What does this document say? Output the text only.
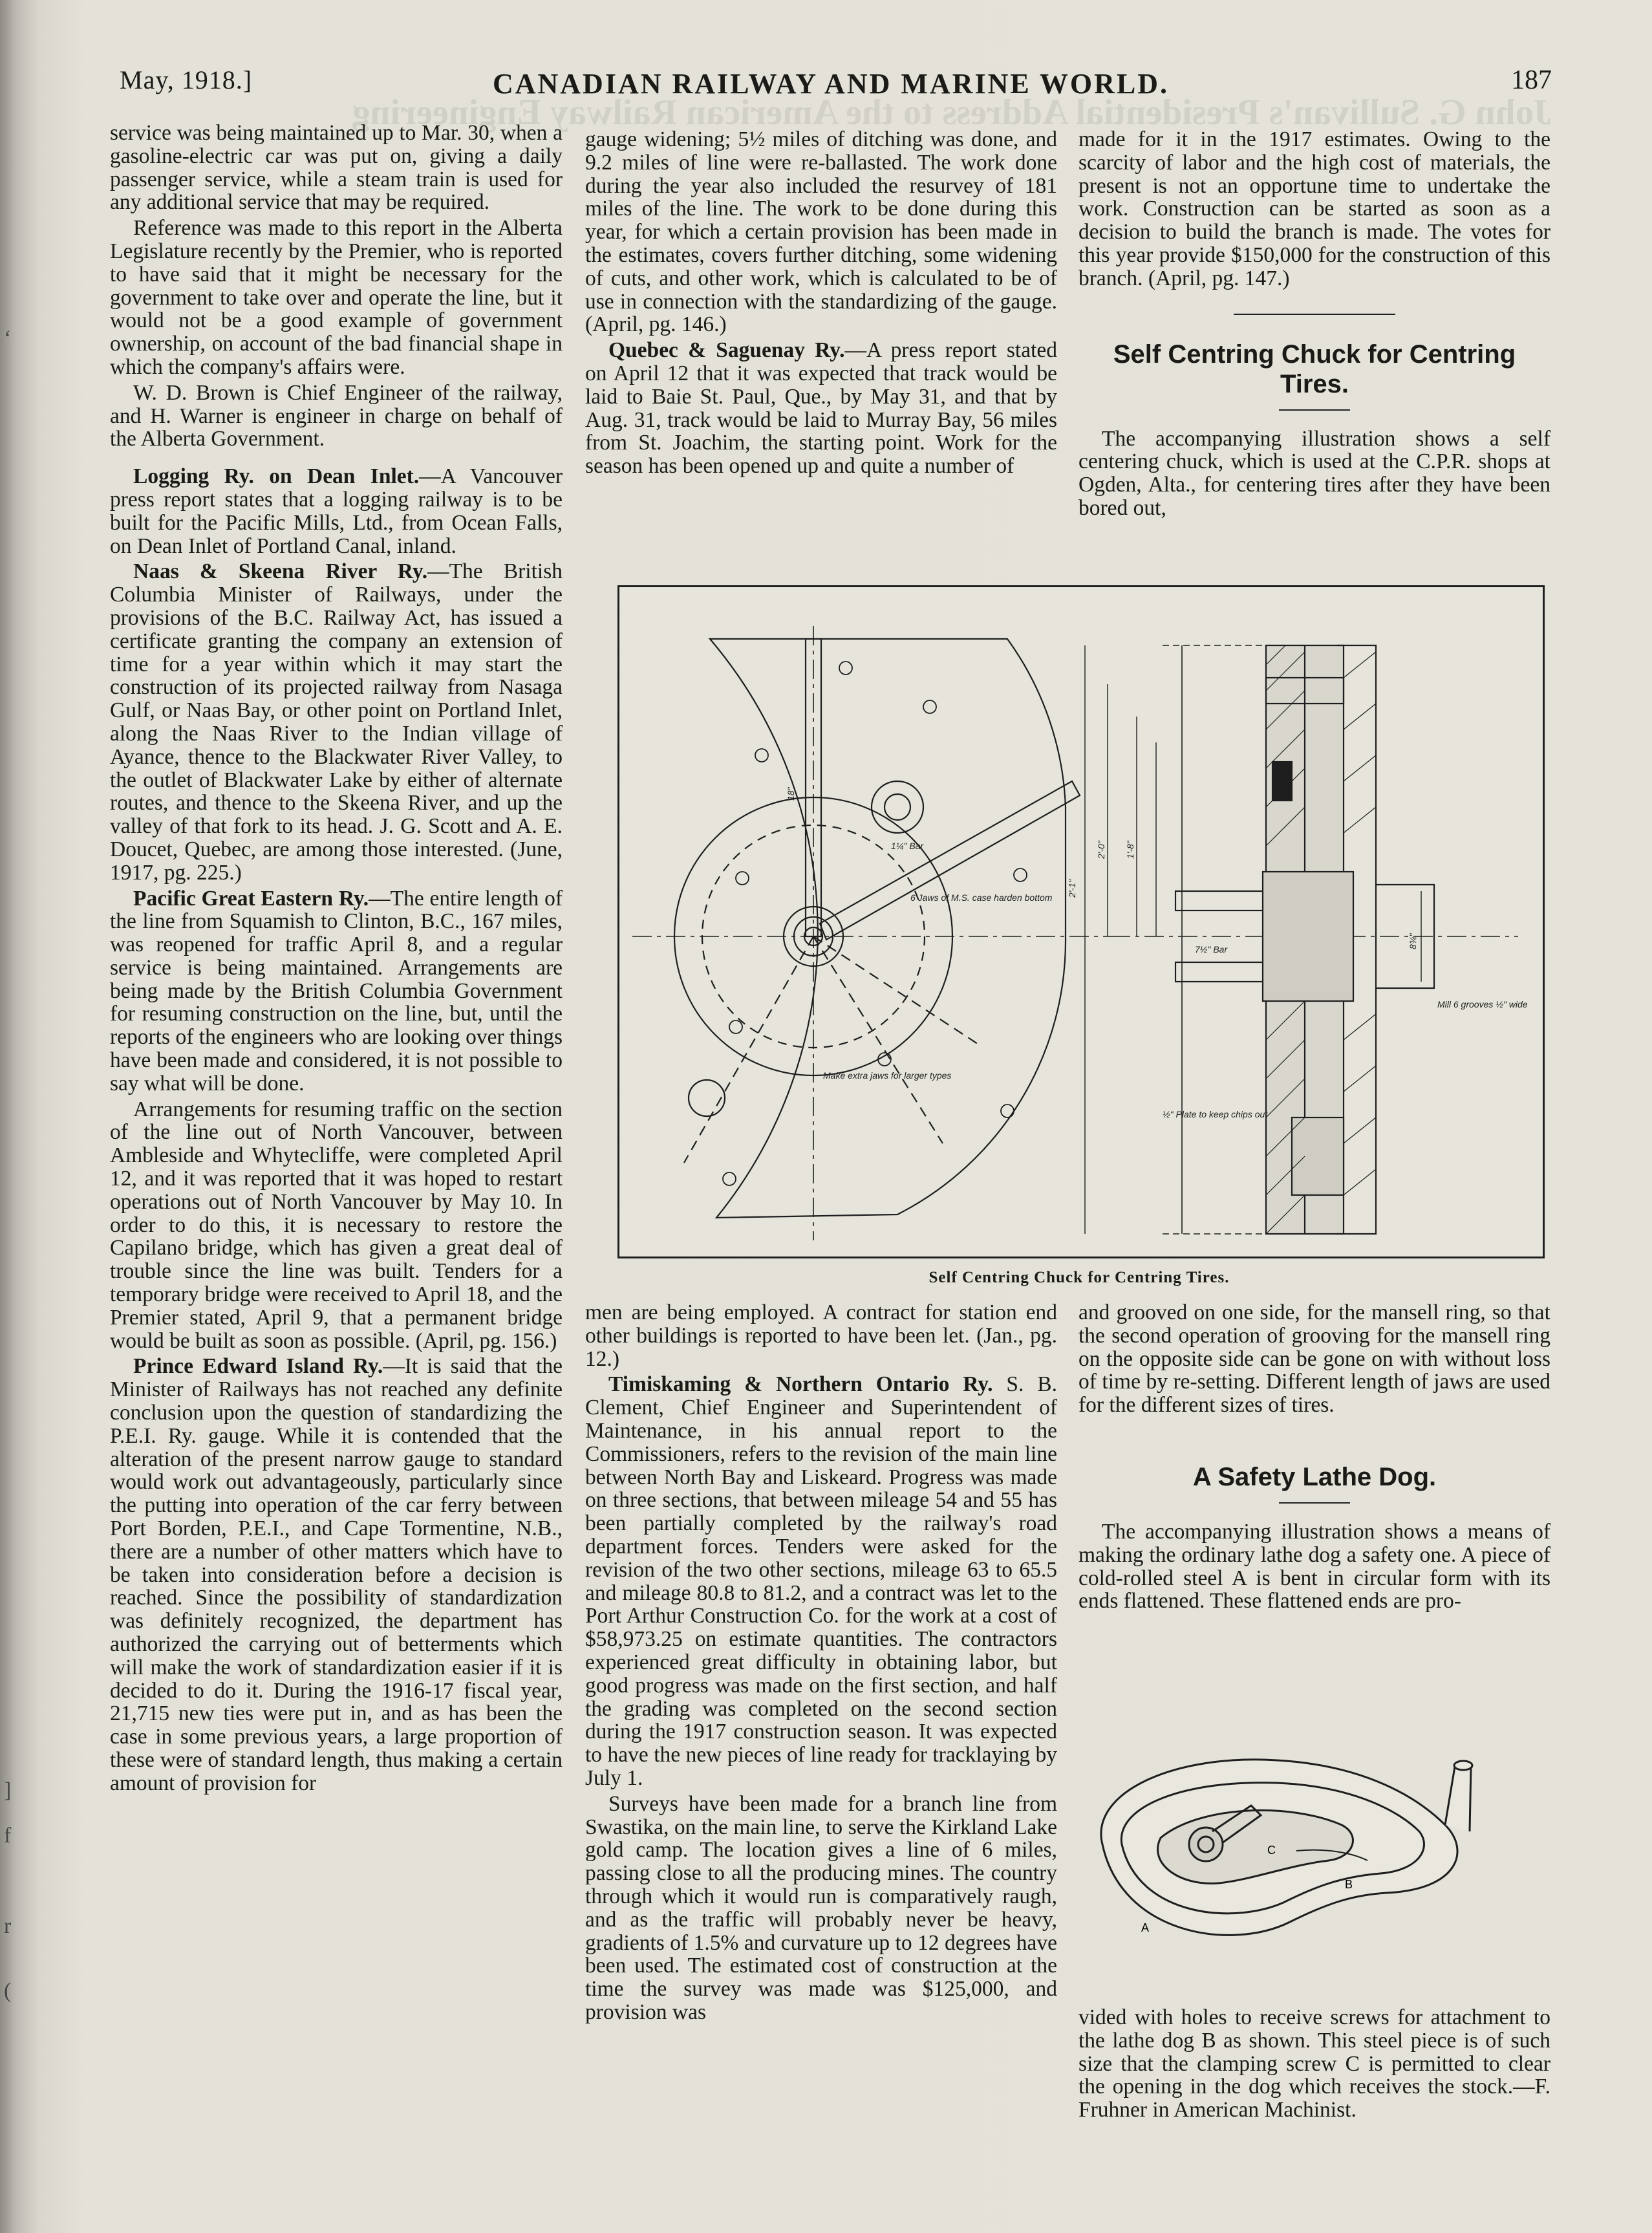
‘
]
f
r
(
John G. Sullivan's Presidential Address to the American Railway Engineering
May, 1918.]	CANADIAN RAILWAY AND MARINE WORLD.	187

service was being maintained up to Mar. 30, when a gasoline-electric car was put on, giving a daily passenger service, while a steam train is used for any additional service that may be required.

Reference was made to this report in the Alberta Legislature recently by the Premier, who is reported to have said that it might be necessary for the government to take over and operate the line, but it would not be a good example of government ownership, on account of the bad financial shape in which the company's affairs were.

W. D. Brown is Chief Engineer of the railway, and H. Warner is engineer in charge on behalf of the Alberta Government.

Logging Ry. on Dean Inlet.—A Vancouver press report states that a logging railway is to be built for the Pacific Mills, Ltd., from Ocean Falls, on Dean Inlet of Portland Canal, inland.

Naas & Skeena River Ry.—The British Columbia Minister of Railways, under the provisions of the B.C. Railway Act, has issued a certificate granting the company an extension of time for a year within which it may start the construction of its projected railway from Nasaga Gulf, or Naas Bay, or other point on Portland Inlet, along the Naas River to the Indian village of Ayance, thence to the Blackwater River Valley, to the outlet of Blackwater Lake by either of alternate routes, and thence to the Skeena River, and up the valley of that fork to its head. J. G. Scott and A. E. Doucet, Quebec, are among those interested. (June, 1917, pg. 225.)

Pacific Great Eastern Ry.—The entire length of the line from Squamish to Clinton, B.C., 167 miles, was reopened for traffic April 8, and a regular service is being maintained. Arrangements are being made by the British Columbia Government for resuming construction on the line, but, until the reports of the engineers who are looking over things have been made and considered, it is not possible to say what will be done.

Arrangements for resuming traffic on the section of the line out of North Vancouver, between Ambleside and Whytecliffe, were completed April 12, and it was reported that it was hoped to restart operations out of North Vancouver by May 10. In order to do this, it is necessary to restore the Capilano bridge, which has given a great deal of trouble since the line was built. Tenders for a temporary bridge were received to April 18, and the Premier stated, April 9, that a permanent bridge would be built as soon as possible. (April, pg. 156.)

Prince Edward Island Ry.—It is said that the Minister of Railways has not reached any definite conclusion upon the question of standardizing the P.E.I. Ry. gauge. While it is contended that the alteration of the present narrow gauge to standard would work out advantageously, particularly since the putting into operation of the car ferry between Port Borden, P.E.I., and Cape Tormentine, N.B., there are a number of other matters which have to be taken into consideration before a decision is reached. Since the possibility of standardization was definitely recognized, the department has authorized the carrying out of betterments which will make the work of standardization easier if it is decided to do it. During the 1916-17 fiscal year, 21,715 new ties were put in, and as has been the case in some previous years, a large proportion of these were of standard length, thus making a certain amount of provision for

gauge widening; 5½ miles of ditching was done, and 9.2 miles of line were re-ballasted. The work done during the year also included the resurvey of 181 miles of the line. The work to be done during this year, for which a certain provision has been made in the estimates, covers further ditching, some widening of cuts, and other work, which is calculated to be of use in connection with the standardizing of the gauge. (April, pg. 146.)

Quebec & Saguenay Ry.—A press report stated on April 12 that it was expected that track would be laid to Baie St. Paul, Que., by May 31, and that by Aug. 31, track would be laid to Murray Bay, 56 miles from St. Joachim, the starting point. Work for the season has been opened up and quite a number of

made for it in the 1917 estimates. Owing to the scarcity of labor and the high cost of materials, the present is not an opportune time to undertake the work. Construction can be started as soon as a decision to build the branch is made. The votes for this year provide $150,000 for the construction of this branch. (April, pg. 147.)

Self Centring Chuck for Centring Tires.

The accompanying illustration shows a self centering chuck, which is used at the C.P.R. shops at Ogden, Alta., for centering tires after they have been bored out,

6 Jaws of M.S. case harden bottom
Make extra jaws for larger types
½" Plate to keep chips out
Mill 6 grooves ½" wide
2'-1"
2'-0" 1'-8"
18"
1¼" Bar
7½" Bar	8¾"
Self Centring Chuck for Centring Tires.

men are being employed. A contract for station end other buildings is reported to have been let. (Jan., pg. 12.)

Timiskaming & Northern Ontario Ry. S. B. Clement, Chief Engineer and Superintendent of Maintenance, in his annual report to the Commissioners, refers to the revision of the main line between North Bay and Liskeard. Progress was made on three sections, that between mileage 54 and 55 has been partially completed by the railway's road department forces. Tenders were asked for the revision of the two other sections, mileage 63 to 65.5 and mileage 80.8 to 81.2, and a contract was let to the Port Arthur Construction Co. for the work at a cost of $58,973.25 on estimate quantities. The contractors experienced great difficulty in obtaining labor, but good progress was made on the first section, and half the grading was completed on the second section during the 1917 construction season. It was expected to have the new pieces of line ready for tracklaying by July 1.

Surveys have been made for a branch line from Swastika, on the main line, to serve the Kirkland Lake gold camp. The location gives a line of 6 miles, passing close to all the producing mines. The country through which it would run is comparatively raugh, and as the traffic will probably never be heavy, gradients of 1.5% and curvature up to 12 degrees have been used. The estimated cost of construction at the time the survey was made was $125,000, and provision was

and grooved on one side, for the mansell ring, so that the second operation of grooving for the mansell ring on the opposite side can be gone on with without loss of time by re-setting. Different length of jaws are used for the different sizes of tires.

A Safety Lathe Dog.

The accompanying illustration shows a means of making the ordinary lathe dog a safety one. A piece of cold-rolled steel A is bent in circular form with its ends flattened. These flattened ends are pro-

A
B
C

vided with holes to receive screws for attachment to the lathe dog B as shown. This steel piece is of such size that the clamping screw C is permitted to clear the opening in the dog which receives the stock.—F. Fruhner in American Machinist.
